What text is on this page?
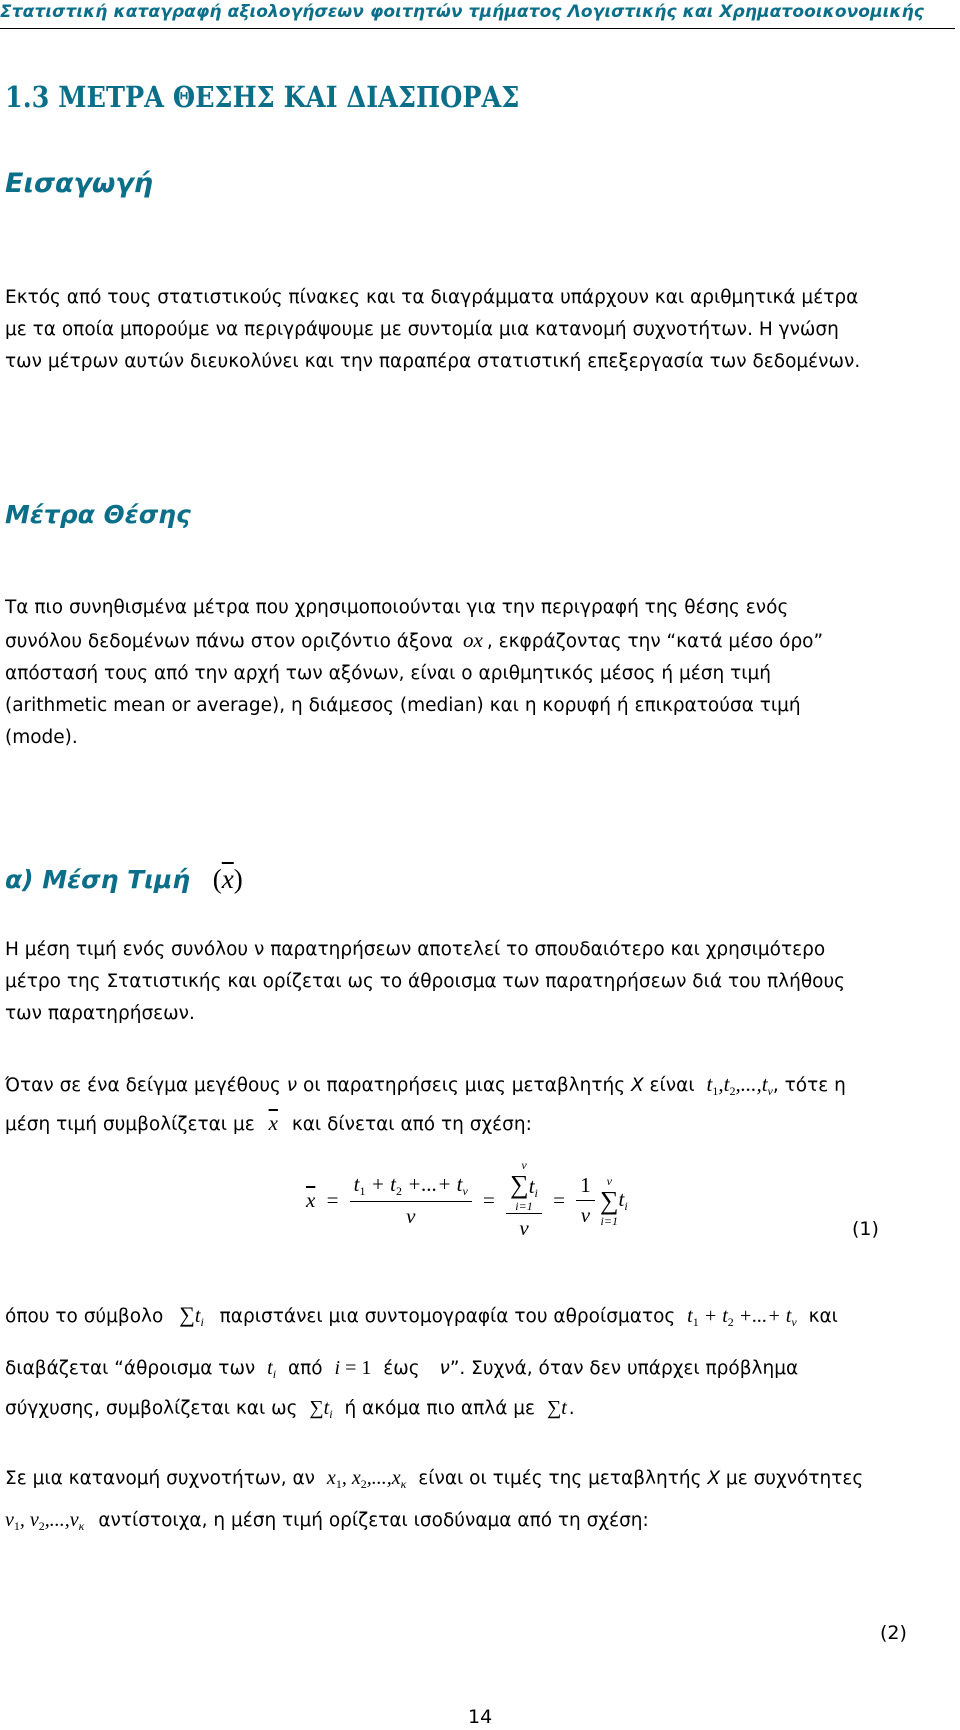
Στατιστική καταγραφή αξιολογήσεων φοιτητών τμήματος Λογιστικής και Χρηματοοικονομικής
1.3 ΜΕΤΡΑ ΘΕΣΗΣ ΚΑΙ ΔΙΑΣΠΟΡΑΣ
Εισαγωγή
Εκτός από τους στατιστικούς πίνακες και τα διαγράμματα υπάρχουν και αριθμητικά μέτρα
με τα οποία μπορούμε να περιγράψουμε με συντομία μια κατανομή συχνοτήτων. Η γνώση
των μέτρων αυτών διευκολύνει και την παραπέρα στατιστική επεξεργασία των δεδομένων.
Μέτρα Θέσης
Τα πιο συνηθισμένα μέτρα που χρησιμοποιούνται για την περιγραφή της θέσης ενός
συνόλου δεδομένων πάνω στον οριζόντιο άξονα ox , εκφράζοντας την “κατά μέσο όρο”
απόστασή τους από την αρχή των αξόνων, είναι ο αριθμητικός μέσος ή μέση τιμή
(arithmetic mean or average), η διάμεσος (median) και η κορυφή ή επικρατούσα τιμή
(mode).
α) Μέση Τιμή $(\overline{x})$
Η μέση τιμή ενός συνόλου ν παρατηρήσεων αποτελεί το σπουδαιότερο και χρησιμότερο
μέτρο της Στατιστικής και ορίζεται ως το άθροισμα των παρατηρήσεων διά του πλήθους
των παρατηρήσεων.
Όταν σε ένα δείγμα μεγέθους ν οι παρατηρήσεις μιας μεταβλητής X είναι $t_1,t_2,...,t_\nu$, τότε η
μέση τιμή συμβολίζεται με $\overline{x}$ και δίνεται από τη σχέση:
$\overline{x} = \frac{t_1 + t_2 +...+ t_\nu}{\nu} = \nu$
$\sum t_i$
i=1
$\nu = \frac{1}{\nu}$
ν
∑
i=1
$t_i$
(1)
όπου το σύμβολο $\sum t_i$ παριστάνει μια συντομογραφία του αθροίσματος $t_1 + t_2$ +...+ $t_\nu$ και
διαβάζεται “άθροισμα των $t_i$ από i = 1 έως ν”. Συχνά, όταν δεν υπάρχει πρόβλημα
σύγχυσης, συμβολίζεται και ως $\sum t_i$ ή ακόμα πιο απλά με ∑t .
Σε μια κατανομή συχνοτήτων, αν $x_1$, $x_2,...,x_\kappa$ είναι οι τιμές της μεταβλητής X με συχνότητες
$\nu_1$, $\nu_2,...,\nu_\kappa$ αντίστοιχα, η μέση τιμή ορίζεται ισοδύναμα από τη σχέση:
(2)
14
